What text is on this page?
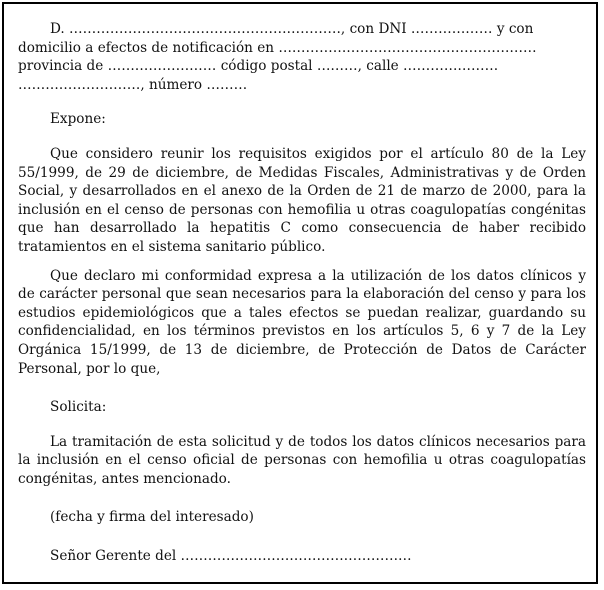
D. ……………………………………………………, con DNI ……………… y con domicilio a efectos de notificación en ………………………………………………… provincia de …………………… código postal ………, calle ………………… ………………………, número ………

Expone:

Que considero reunir los requisitos exigidos por el artículo 80 de la Ley 55/1999, de 29 de diciembre, de Medidas Fiscales, Administrativas y de Orden Social, y desarrollados en el anexo de la Orden de 21 de marzo de 2000, para la inclusión en el censo de personas con hemofilia u otras coagulopatías congénitas que han desarrollado la hepatitis C como consecuencia de haber recibido tratamientos en el sistema sanitario público.

Que declaro mi conformidad expresa a la utilización de los datos clínicos y de carácter personal que sean necesarios para la elaboración del censo y para los estudios epidemiológicos que a tales efectos se puedan realizar, guardando su confidencialidad, en los términos previstos en los artículos 5, 6 y 7 de la Ley Orgánica 15/1999, de 13 de diciembre, de Protección de Datos de Carácter Personal, por lo que,

Solicita:

La tramitación de esta solicitud y de todos los datos clínicos necesarios para la inclusión en el censo oficial de personas con hemofilia u otras coagulopatías congénitas, antes mencionado.

(fecha y firma del interesado)

Señor Gerente del ……………………………………………
